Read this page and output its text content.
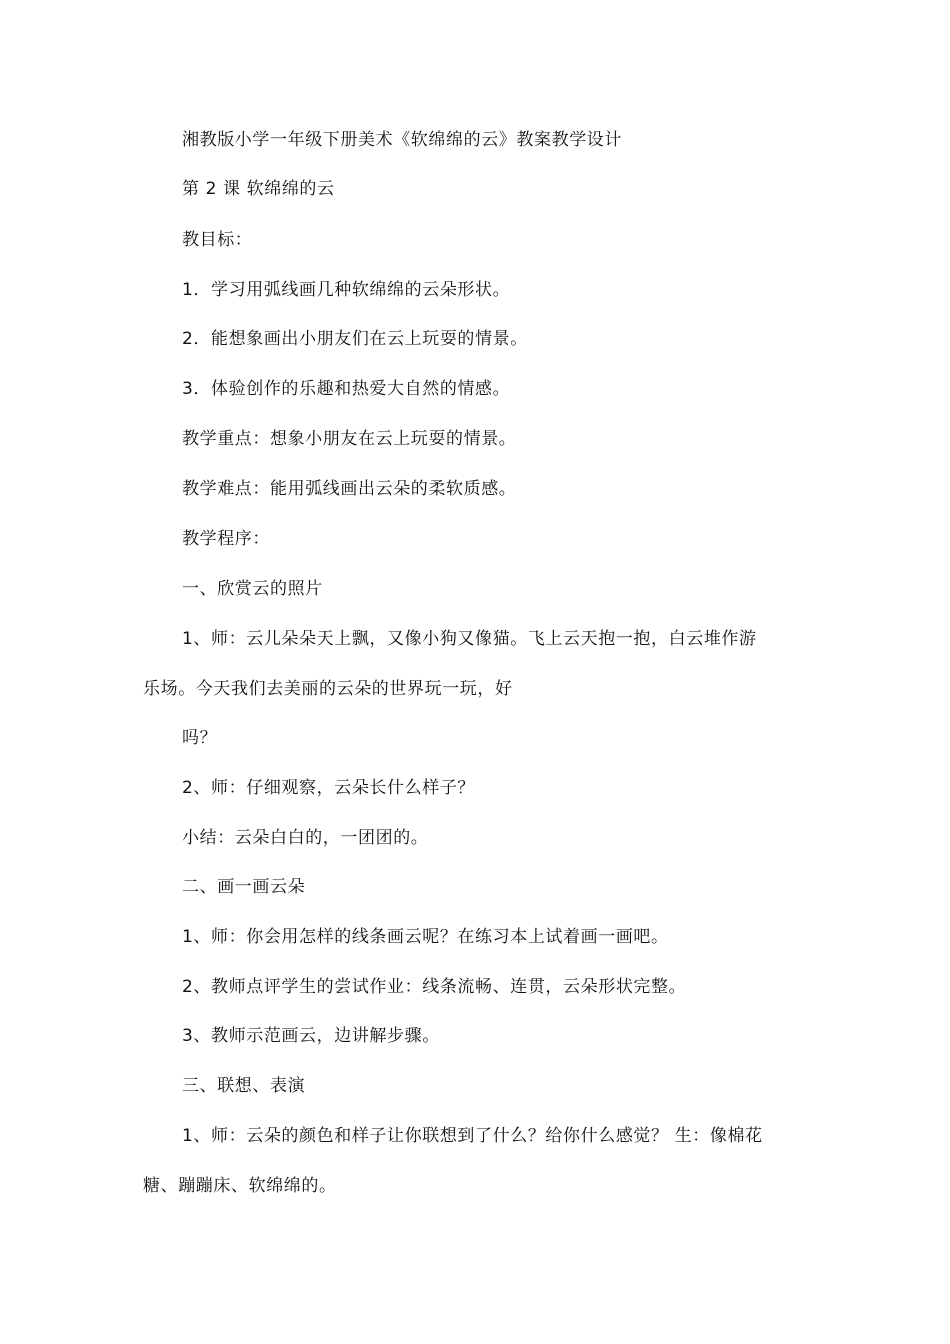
湘教版小学一年级下册美术《软绵绵的云》教案教学设计
第 2 课 软绵绵的云
教目标：
1．学习用弧线画几种软绵绵的云朵形状。
2．能想象画出小朋友们在云上玩耍的情景。
3．体验创作的乐趣和热爱大自然的情感。
教学重点：想象小朋友在云上玩耍的情景。
教学难点：能用弧线画出云朵的柔软质感。
教学程序：
一、欣赏云的照片
1、师：云儿朵朵天上飘，又像小狗又像猫。飞上云天抱一抱，白云堆作游
乐场。今天我们去美丽的云朵的世界玩一玩，好
吗？
2、师：仔细观察，云朵长什么样子？
小结：云朵白白的，一团团的。
二、画一画云朵
1、师：你会用怎样的线条画云呢？在练习本上试着画一画吧。
2、教师点评学生的尝试作业：线条流畅、连贯，云朵形状完整。
3、教师示范画云，边讲解步骤。
三、联想、表演
1、师：云朵的颜色和样子让你联想到了什么？给你什么感觉？ 生：像棉花
糖、蹦蹦床、软绵绵的。
